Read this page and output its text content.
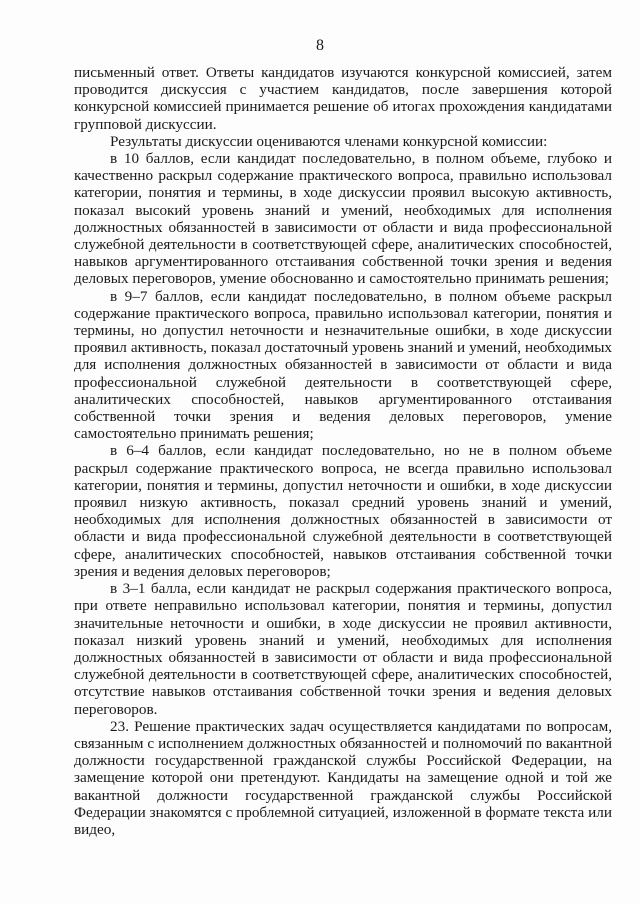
8

письменный ответ. Ответы кандидатов изучаются конкурсной комиссией, затем проводится дискуссия с участием кандидатов, после завершения которой конкурсной комиссией принимается решение об итогах прохождения кандидатами групповой дискуссии.

Результаты дискуссии оцениваются членами конкурсной комиссии:

в 10 баллов, если кандидат последовательно, в полном объеме, глубоко и качественно раскрыл содержание практического вопроса, правильно использовал категории, понятия и термины, в ходе дискуссии проявил высокую активность, показал высокий уровень знаний и умений, необходимых для исполнения должностных обязанностей в зависимости от области и вида профессиональной служебной деятельности в соответствующей сфере, аналитических способностей, навыков аргументированного отстаивания собственной точки зрения и ведения деловых переговоров, умение обоснованно и самостоятельно принимать решения;

в 9–7 баллов, если кандидат последовательно, в полном объеме раскрыл содержание практического вопроса, правильно использовал категории, понятия и термины, но допустил неточности и незначительные ошибки, в ходе дискуссии проявил активность, показал достаточный уровень знаний и умений, необходимых для исполнения должностных обязанностей в зависимости от области и вида профессиональной служебной деятельности в соответствующей сфере, аналитических способностей, навыков аргументированного отстаивания собственной точки зрения и ведения деловых переговоров, умение самостоятельно принимать решения;

в 6–4 баллов, если кандидат последовательно, но не в полном объеме раскрыл содержание практического вопроса, не всегда правильно использовал категории, понятия и термины, допустил неточности и ошибки, в ходе дискуссии проявил низкую активность, показал средний уровень знаний и умений, необходимых для исполнения должностных обязанностей в зависимости от области и вида профессиональной служебной деятельности в соответствующей сфере, аналитических способностей, навыков отстаивания собственной точки зрения и ведения деловых переговоров;

в 3–1 балла, если кандидат не раскрыл содержания практического вопроса, при ответе неправильно использовал категории, понятия и термины, допустил значительные неточности и ошибки, в ходе дискуссии не проявил активности, показал низкий уровень знаний и умений, необходимых для исполнения должностных обязанностей в зависимости от области и вида профессиональной служебной деятельности в соответствующей сфере, аналитических способностей, отсутствие навыков отстаивания собственной точки зрения и ведения деловых переговоров.

23. Решение практических задач осуществляется кандидатами по вопросам, связанным с исполнением должностных обязанностей и полномочий по вакантной должности государственной гражданской службы Российской Федерации, на замещение которой они претендуют. Кандидаты на замещение одной и той же вакантной должности государственной гражданской службы Российской Федерации знакомятся с проблемной ситуацией, изложенной в формате текста или видео,
